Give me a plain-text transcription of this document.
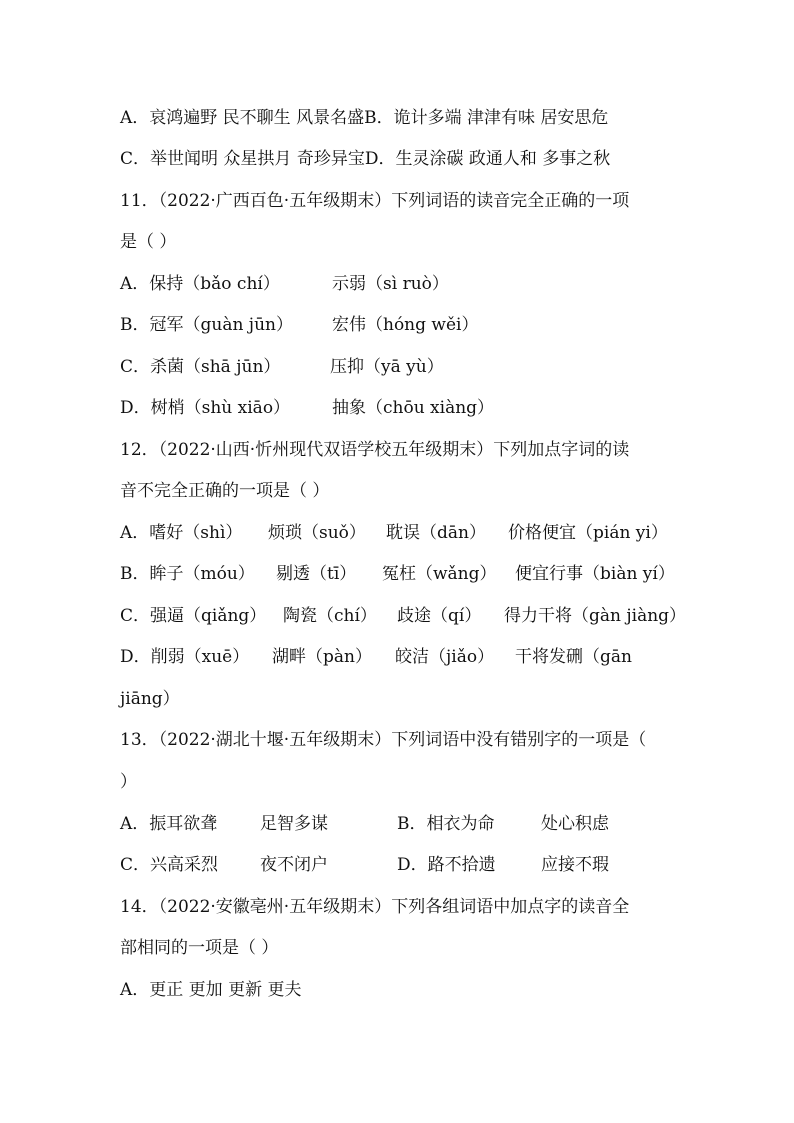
A．哀鸿遍野 民不聊生 风景名盛B．诡计多端 津津有味 居安思危
C．举世闻明 众星拱月 奇珍异宝D．生灵涂碳 政通人和 多事之秋
11．（2022·广西百色·五年级期末）下列词语的读音完全正确的一项
是（ ）
A．保持（bǎo chí）	示弱（sì ruò）
B．冠军（guàn jūn） 宏伟（hóng wěi）
C．杀菌（shā jūn）	压抑（yā yù）
D．树梢（shù xiāo） 抽象（chōu xiàng）
12．（2022·山西·忻州现代双语学校五年级期末）下列加点字词的读
音不完全正确的一项是（ ）
A．嗜好（shì） 烦琐（suǒ） 耽误（dān） 价格便宜（pián yi）
B．眸子（móu） 剔透（tī） 冤枉（wǎng） 便宜行事（biàn yí）
C．强逼（qiǎng） 陶瓷（chí） 歧途（qí） 得力干将（gàn jiàng）
D．削弱（xuē） 湖畔（pàn） 皎洁（jiǎo） 干将发硎（gān
jiāng）
13．（2022·湖北十堰·五年级期末）下列词语中没有错别字的一项是（
）
A．振耳欲聋	足智多谋	B．相衣为命	处心积虑
C．兴高采烈 夜不闭户	D．路不拾遗	应接不瑕
14．（2022·安徽亳州·五年级期末）下列各组词语中加点字的读音全
部相同的一项是（ ）
A．更正 更加 更新 更夫
